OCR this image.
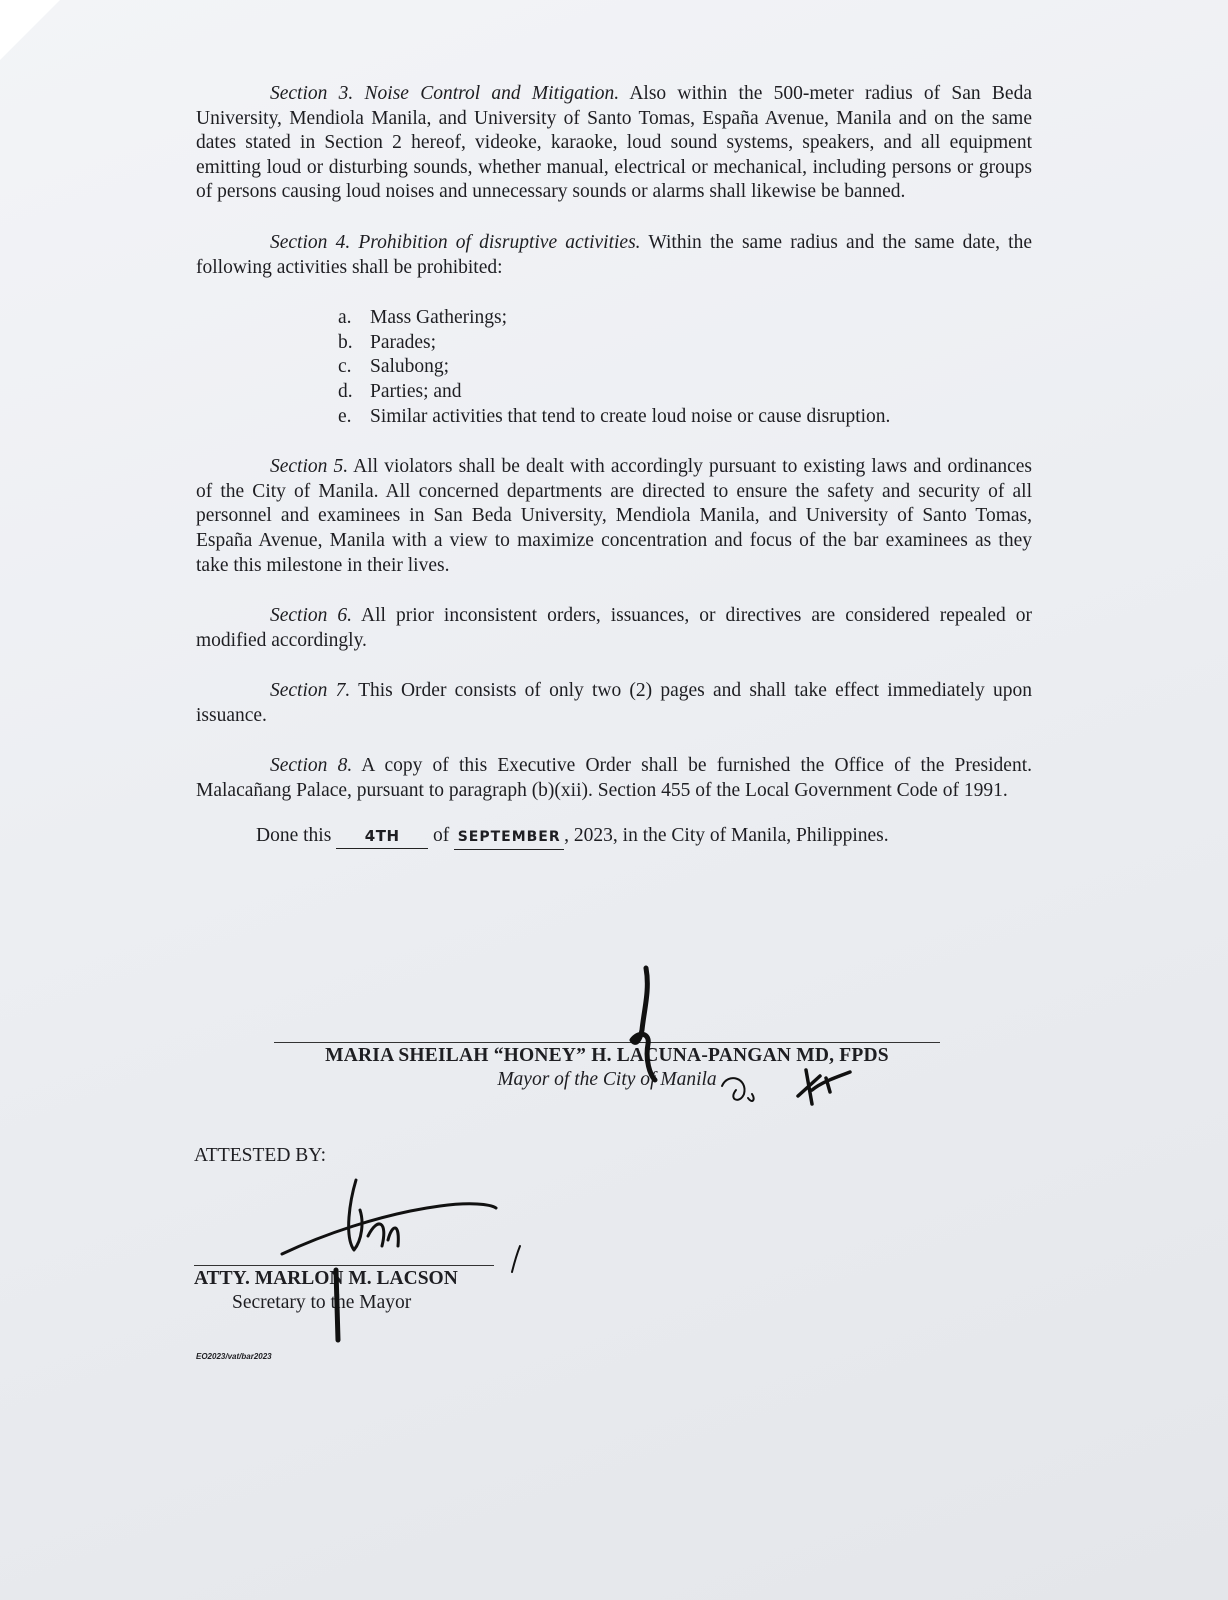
Section 3. Noise Control and Mitigation. Also within the 500-meter radius of San Beda University, Mendiola Manila, and University of Santo Tomas, España Avenue, Manila and on the same dates stated in Section 2 hereof, videoke, karaoke, loud sound systems, speakers, and all equipment emitting loud or disturbing sounds, whether manual, electrical or mechanical, including persons or groups of persons causing loud noises and unnecessary sounds or alarms shall likewise be banned.

Section 4. Prohibition of disruptive activities. Within the same radius and the same date, the following activities shall be prohibited:

a. Mass Gatherings;
b. Parades;
c. Salubong;
d. Parties; and
e. Similar activities that tend to create loud noise or cause disruption.

Section 5. All violators shall be dealt with accordingly pursuant to existing laws and ordinances of the City of Manila. All concerned departments are directed to ensure the safety and security of all personnel and examinees in San Beda University, Mendiola Manila, and University of Santo Tomas, España Avenue, Manila with a view to maximize concentration and focus of the bar examinees as they take this milestone in their lives.

Section 6. All prior inconsistent orders, issuances, or directives are considered repealed or modified accordingly.

Section 7. This Order consists of only two (2) pages and shall take effect immediately upon issuance.

Section 8. A copy of this Executive Order shall be furnished the Office of the President. Malacañang Palace, pursuant to paragraph (b)(xii). Section 455 of the Local Government Code of 1991.

Done this 4TH of SEPTEMBER , 2023, in the City of Manila, Philippines.
MARIA SHEILAH “HONEY” H. LACUNA-PANGAN MD, FPDS
Mayor of the City of Manila
ATTESTED BY:
ATTY. MARLON M. LACSON
Secretary to the Mayor
EO2023/vat/bar2023
